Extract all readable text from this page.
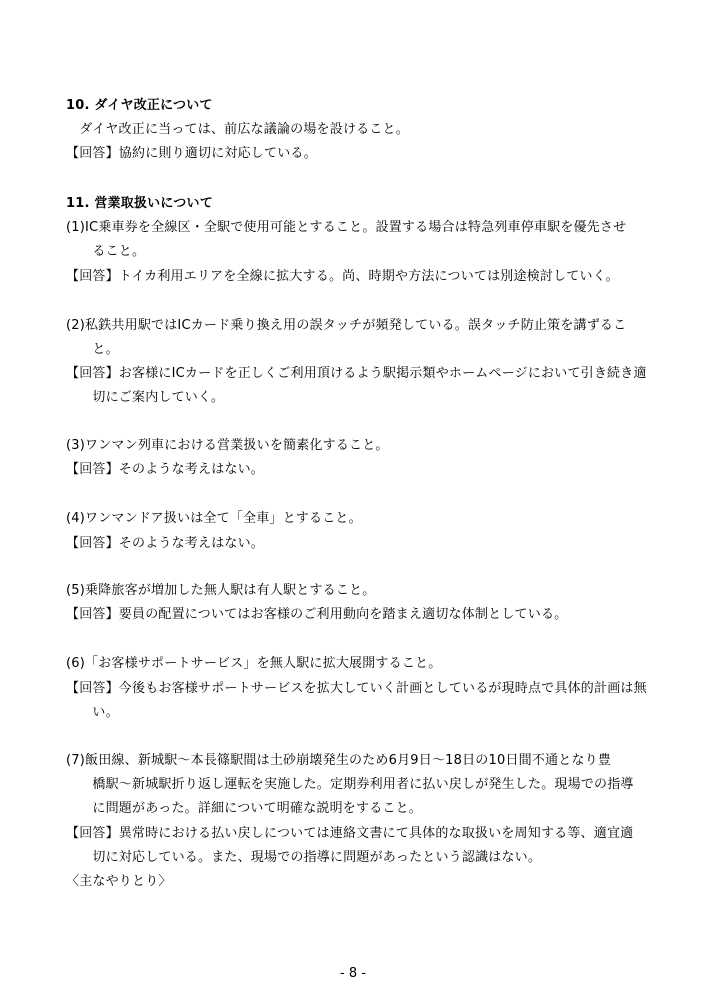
10. ダイヤ改正について
　ダイヤ改正に当っては、前広な議論の場を設けること。
【回答】協約に則り適切に対応している。
11. 営業取扱いについて
(1)IC乗車券を全線区・全駅で使用可能とすること。設置する場合は特急列車停車駅を優先させ
　　ること。
【回答】トイカ利用エリアを全線に拡大する。尚、時期や方法については別途検討していく。
(2)私鉄共用駅ではICカード乗り換え用の誤タッチが頻発している。誤タッチ防止策を講ずるこ
　　と。
【回答】お客様にICカードを正しくご利用頂けるよう駅掲示類やホームページにおいて引き続き適
　　切にご案内していく。
(3)ワンマン列車における営業扱いを簡素化すること。
【回答】そのような考えはない。
(4)ワンマンドア扱いは全て「全車」とすること。
【回答】そのような考えはない。
(5)乗降旅客が増加した無人駅は有人駅とすること。
【回答】要員の配置についてはお客様のご利用動向を踏まえ適切な体制としている。
(6)「お客様サポートサービス」を無人駅に拡大展開すること。
【回答】今後もお客様サポートサービスを拡大していく計画としているが現時点で具体的計画は無
　　い。
(7)飯田線、新城駅～本長篠駅間は土砂崩壊発生のため6月9日～18日の10日間不通となり豊
　　橋駅～新城駅折り返し運転を実施した。定期券利用者に払い戻しが発生した。現場での指導
　　に問題があった。詳細について明確な説明をすること。
【回答】異常時における払い戻しについては連絡文書にて具体的な取扱いを周知する等、適宜適
　　切に対応している。また、現場での指導に問題があったという認識はない。
〈主なやりとり〉
- 8 -
